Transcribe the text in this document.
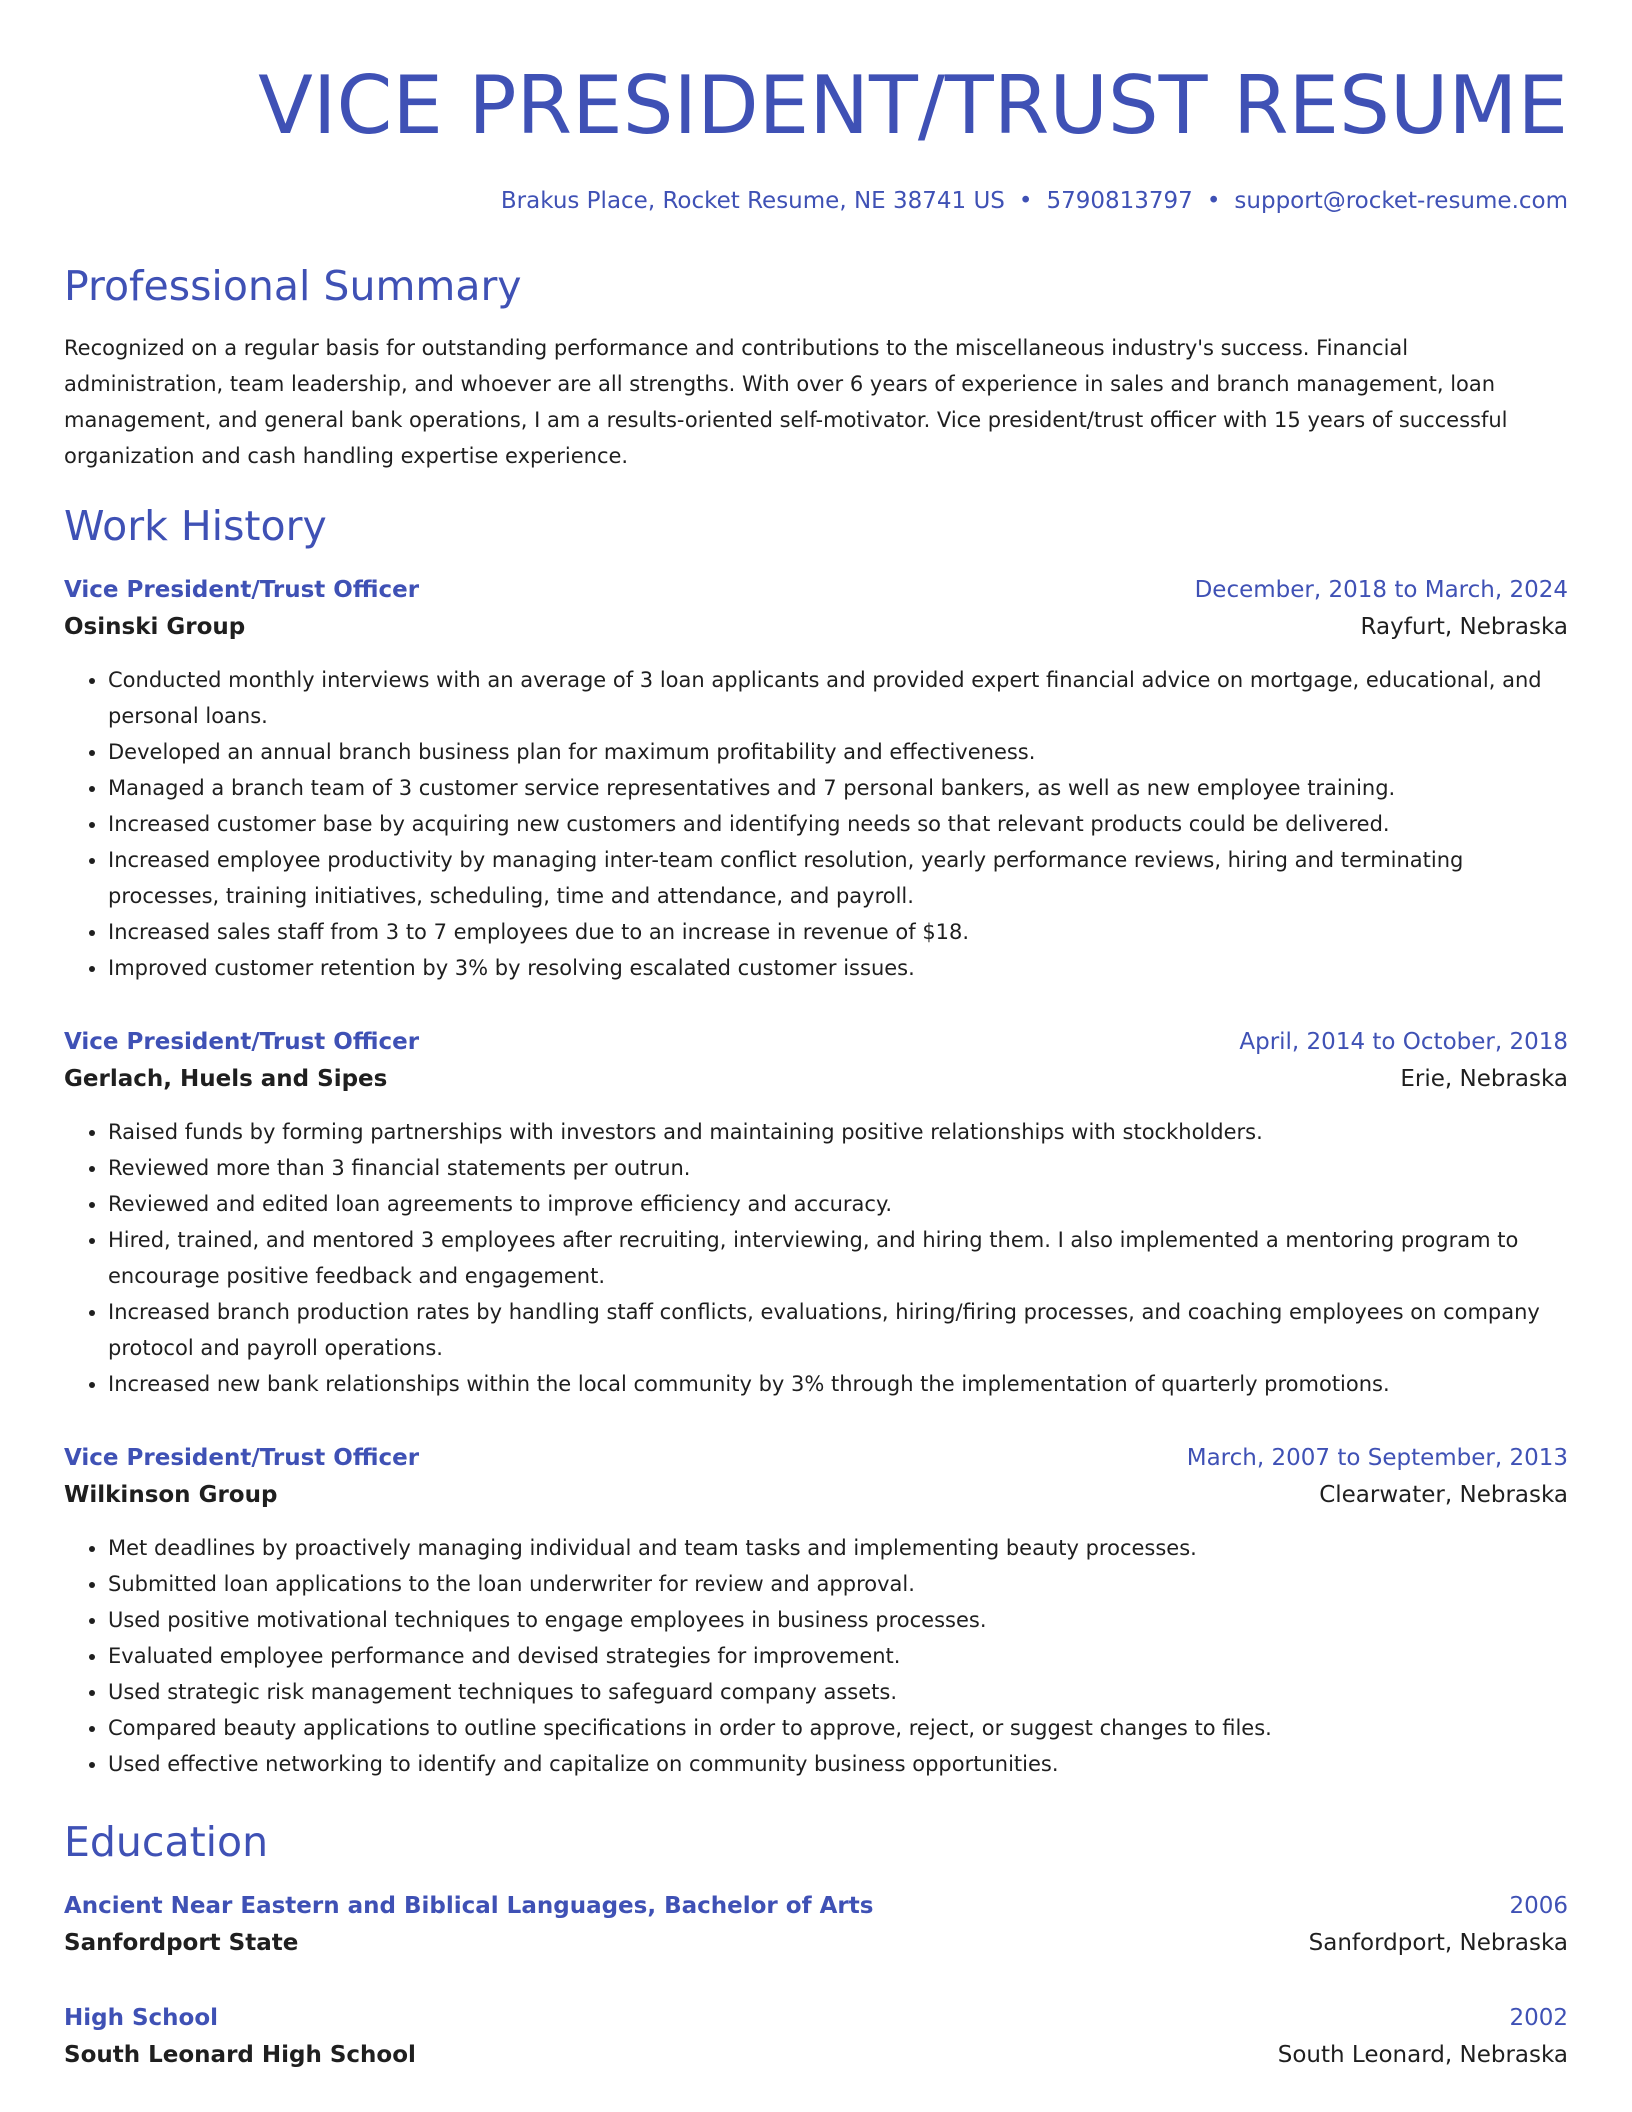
VICE PRESIDENT/TRUST RESUME
Brakus Place, Rocket Resume, NE 38741 US • 5790813797 • support@rocket-resume.com
Professional Summary

Recognized on a regular basis for outstanding performance and contributions to the miscellaneous industry's success. Financial administration, team leadership, and whoever are all strengths. With over 6 years of experience in sales and branch management, loan management, and general bank operations, I am a results-oriented self-motivator. Vice president/trust officer with 15 years of successful organization and cash handling expertise experience.

Work History
Vice President/Trust Officer	December, 2018 to March, 2024
Osinski Group	Rayfurt, Nebraska
• Conducted monthly interviews with an average of 3 loan applicants and provided expert financial advice on mortgage, educational, and personal loans.
• Developed an annual branch business plan for maximum profitability and effectiveness.
• Managed a branch team of 3 customer service representatives and 7 personal bankers, as well as new employee training.
• Increased customer base by acquiring new customers and identifying needs so that relevant products could be delivered.
• Increased employee productivity by managing inter-team conflict resolution, yearly performance reviews, hiring and terminating processes, training initiatives, scheduling, time and attendance, and payroll.
• Increased sales staff from 3 to 7 employees due to an increase in revenue of $18.
• Improved customer retention by 3% by resolving escalated customer issues.
Vice President/Trust Officer	April, 2014 to October, 2018
Gerlach, Huels and Sipes	Erie, Nebraska
• Raised funds by forming partnerships with investors and maintaining positive relationships with stockholders.
• Reviewed more than 3 financial statements per outrun.
• Reviewed and edited loan agreements to improve efficiency and accuracy.
• Hired, trained, and mentored 3 employees after recruiting, interviewing, and hiring them. I also implemented a mentoring program to encourage positive feedback and engagement.
• Increased branch production rates by handling staff conflicts, evaluations, hiring/firing processes, and coaching employees on company protocol and payroll operations.
• Increased new bank relationships within the local community by 3% through the implementation of quarterly promotions.
Vice President/Trust Officer	March, 2007 to September, 2013
Wilkinson Group	Clearwater, Nebraska
• Met deadlines by proactively managing individual and team tasks and implementing beauty processes.
• Submitted loan applications to the loan underwriter for review and approval.
• Used positive motivational techniques to engage employees in business processes.
• Evaluated employee performance and devised strategies for improvement.
• Used strategic risk management techniques to safeguard company assets.
• Compared beauty applications to outline specifications in order to approve, reject, or suggest changes to files.
• Used effective networking to identify and capitalize on community business opportunities.
Education
Ancient Near Eastern and Biblical Languages, Bachelor of Arts	2006
Sanfordport State	Sanfordport, Nebraska
High School	2002
South Leonard High School	South Leonard, Nebraska
